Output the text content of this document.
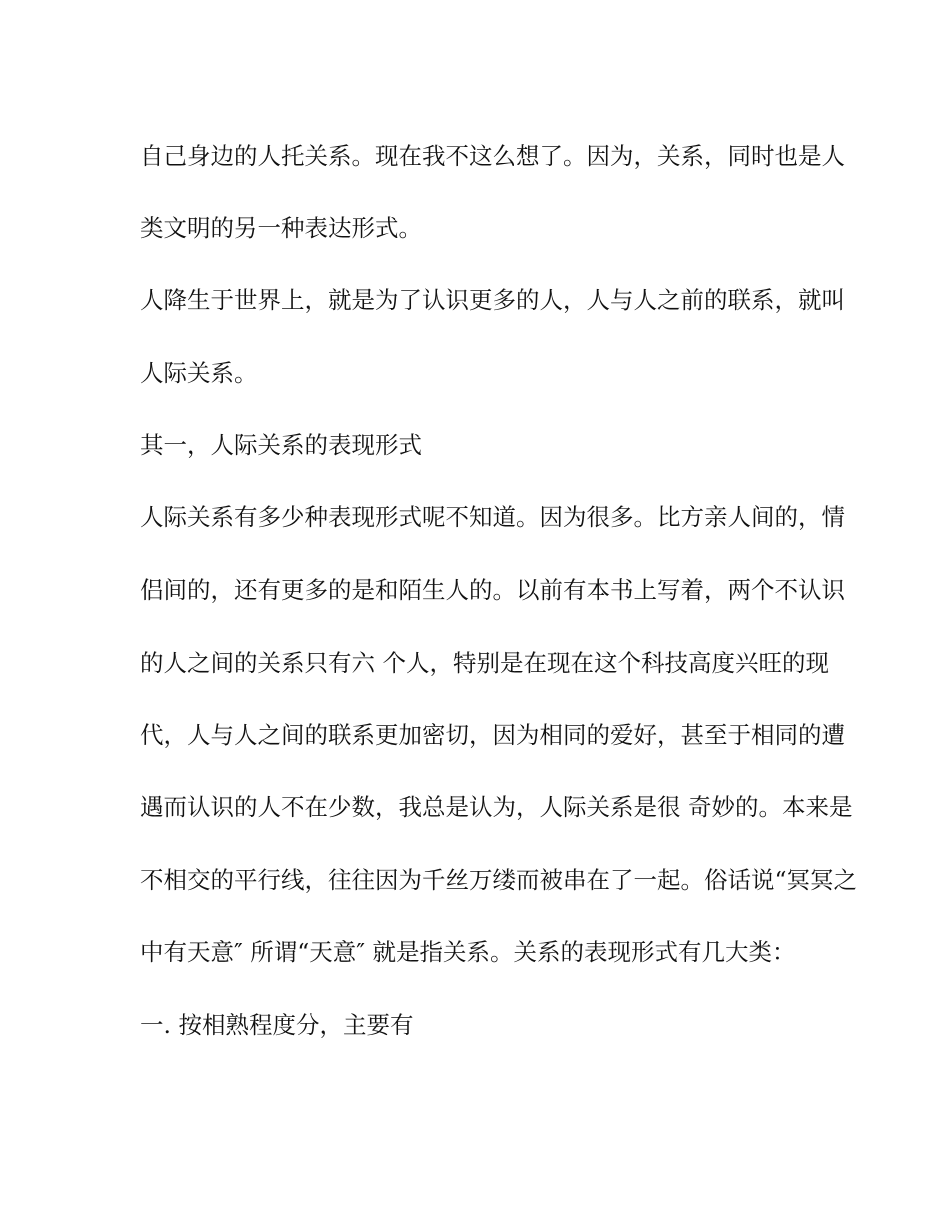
自己身边的人托关系。现在我不这么想了。因为，关系，同时也是人
类文明的另一种表达形式。
人降生于世界上，就是为了认识更多的人，人与人之前的联系，就叫
人际关系。
其一，人际关系的表现形式
人际关系有多少种表现形式呢不知道。因为很多。比方亲人间的，情
侣间的，还有更多的是和陌生人的。以前有本书上写着，两个不认识
的人之间的关系只有六 个人，特别是在现在这个科技高度兴旺的现
代，人与人之间的联系更加密切，因为相同的爱好，甚至于相同的遭
遇而认识的人不在少数，我总是认为，人际关系是很 奇妙的。本来是
不相交的平行线，往往因为千丝万缕而被串在了一起。俗话说“冥冥之
中有天意″ 所谓“天意″ 就是指关系。关系的表现形式有几大类：
一. 按相熟程度分，主要有
